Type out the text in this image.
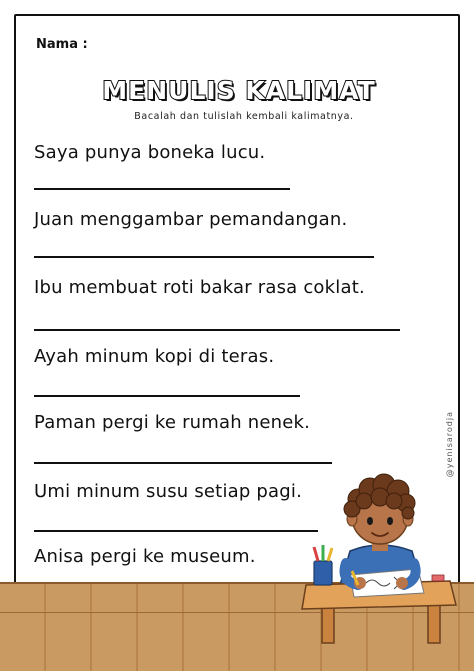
Nama :
MENULIS KALIMAT
Bacalah dan tulislah kembali kalimatnya.
Saya punya boneka lucu.
Juan menggambar pemandangan.
Ibu membuat roti bakar rasa coklat.
Ayah minum kopi di teras.
Paman pergi ke rumah nenek.
Umi minum susu setiap pagi.
Anisa pergi ke museum.
@yenisarodja
